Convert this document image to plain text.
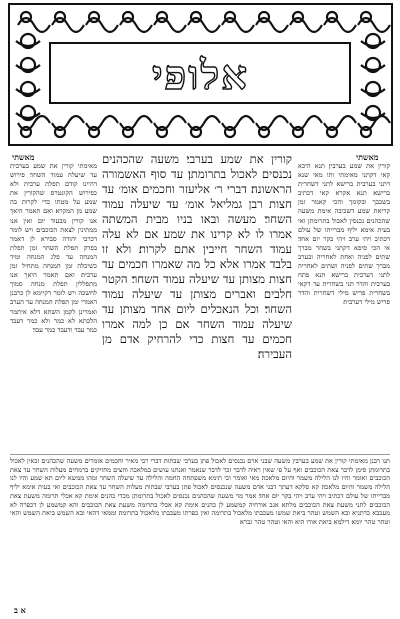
אלופי
מאשתי
מאשתי
קורין את שמע בערבין׃ תנא היכא קאי דקתני מאימתי ותו מאי שנא דתני בערבית ברישא לתני דשחרית ברישא׃ תנא אקרא קאי דכתיב בשכבך ובקומך והכי קאמר זמן קריאת שמע דשכיבה אימת משעה שהכהנים נכנסין לאכול בתרומתן ואי בעית אימא יליף מברייתו של עולם דכתיב ויהי ערב ויהי בקר יום אחד׃ אי הכי סיפא דקתני בשחר מברך שתים לפניה ואחת לאחריה ובערב מברך שתים לפניה ושתים לאחריה לתני דערבית ברישא׃ תנא פתח בערבית והדר תני בשחרית עד דקאי בשחרית פריש מילי דשחרית והדר פריש מילי דערבית׃
קורין את שמע בערבי׃ משעה שהכהנים נכנסים לאכול בתרומתן׃ עד סוף האשמורה הראשונה׃ דברי ר׳ אליעזר וחכמים אומ׳ עד חצות רבן גמליאל אומ׳ עד שיעלה עמוד השחר׃ מעשה ובאו בניו מבית המשתה אמרו לו לא קרינו את שמע׃ אם לא עלה עמוד השחר חייבין אתם לקרות׃ ולא זו בלבד אמרו אלא כל מה שאמרו חכמים עד חצות מצותן עד שיעלה עמוד השחר׃ הקטר חלבים ואברים מצותן עד שיעלה עמוד השחר׃ וכל הנאכלים ליום אחד מצותן עד שיעלה עמוד השחר אם כן למה אמרו חכמים עד חצות כדי להרחיק אדם מן העבירה׃
מאימתי קורין את שמע בערבית עד שיעלה עמוד השחר׃ פירוש דהיינו קודם תפלת ערבית ולא כפירוש הקונטרס שהקורין את שמע על מטתו כדי לקרות בה שמע מן המקרא׃ ואם תאמר היאך אנו קורין מבעוד יום ואין אנו ממתינין לצאת הכוכבים׃ ויש לומר דכרבי יהודה סבירא לן דאמר בפרק תפלת השחר זמן תפלת המנחה עד פלג המנחה ומיד כשיכלה זמן המנחה מתחיל זמן ערבית׃ ואם תאמר היאך אנו מתפללין תפלת מנחה סמוך לחשכה ויש לומר דקיימא לן כרבנן דאמרי זמן תפלת המנחה עד הערב ואמרינן לקמן השתא דלא איתמר הלכתא לא כמר ולא כמר דעבד כמר עבד ודעבד כמר עבד׃
תנו רבנן מאימתי קורין את שמע בערבין משעה שבני אדם נכנסים לאכול פתן בערבי שבתות דברי רבי מאיר וחכמים אומרים משעה שהכהנים זכאין לאכול בתרומתן סימן לדבר צאת הכוכבים ואף על פי שאין ראיה לדבר זכר לדבר שנאמר ואנחנו עושים במלאכה וחצים מחזיקים ברמחים מעלות השחר עד צאת הכוכבים ואומר והיו לנו הלילה משמר והיום מלאכה׃ מאי ואומר וכי תימא משפתחה החמה והלילה עד שיעלה השחר ומהו ממשא ליום תא שמע והיו לנו הלילה משמר והיום מלאכה׃ קא סלקא דעתך דבני אדם משעה שנכנסים לאכול פתן בערבי שבתות מעלות השחר עד צאת הכוכבים ואי בעית אימא יליף מברייתו של עולם דכתיב ויהי ערב ויהי בקר יום אחד׃ אמר מר משעה שהכהנים נכנסים לאכול בתרומתן מכדי כהנים אימת קא אכלי תרומה משעת צאת הכוכבים לתני משעת צאת הכוכבים מלתא אגב אורחיה קמשמע לן כהנים אימת קא אכלי בתרומה משעת צאת הכוכבים והא קמשמע לן דכפרה לא מעכבא כדתניא ובא השמש וטהר ביאת שמשו מעכבתו מלאכול בתרומה ואין כפרתו מעכבתו מלאכול בתרומה׃ וממאי דהאי ובא השמש ביאת השמש והאי וטהר טהר יומא דילמא ביאת אורו הוא והאי וטהר טהר גברא׃
א ב
